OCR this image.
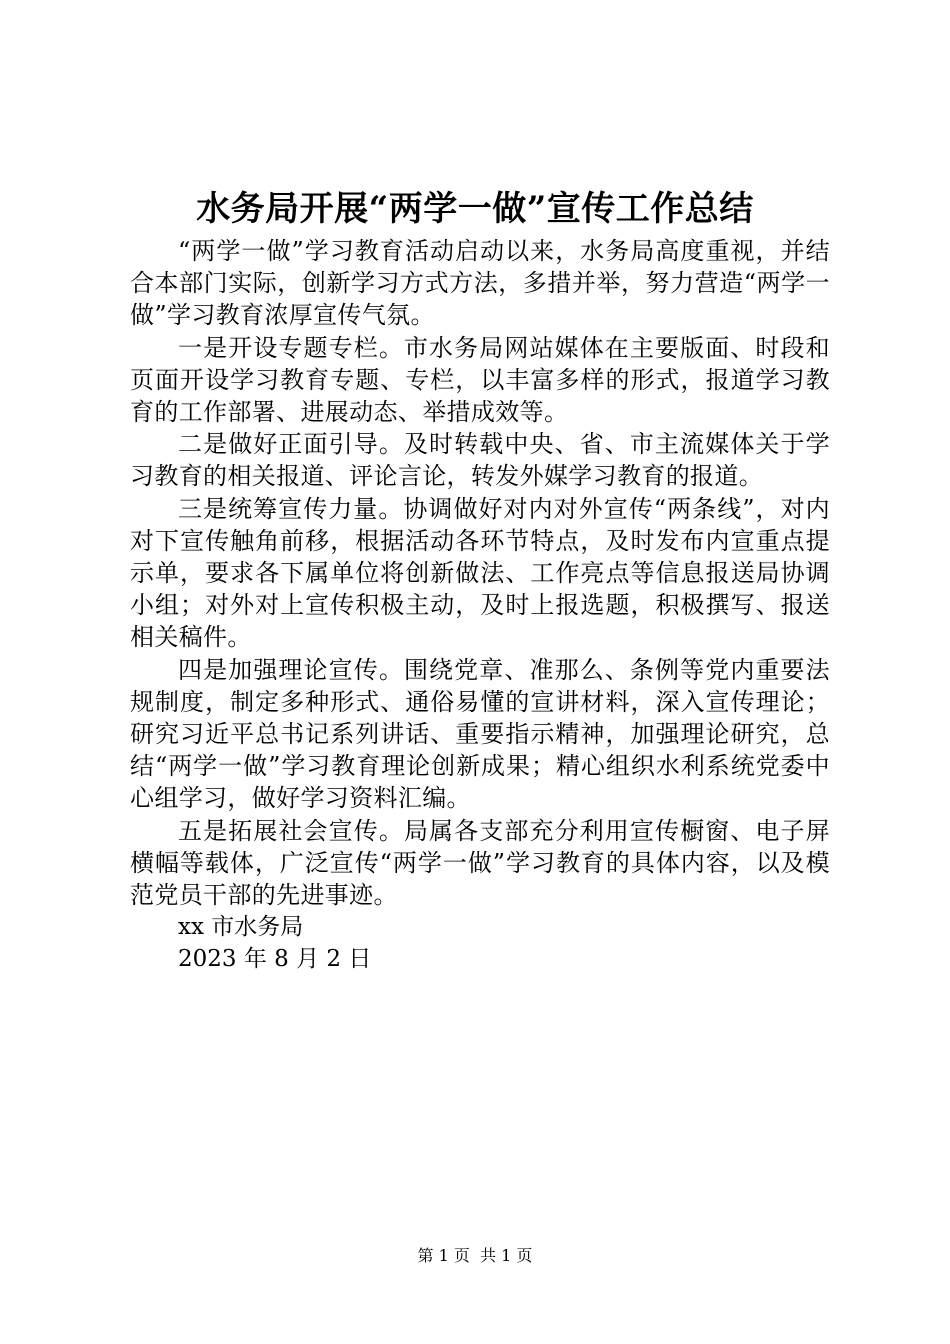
水务局开展“两学一做”宣传工作总结

“两学一做”学习教育活动启动以来，水务局高度重视，并结合本部门实际，创新学习方式方法，多措并举，努力营造“两学一做”学习教育浓厚宣传气氛。

一是开设专题专栏。市水务局网站媒体在主要版面、时段和页面开设学习教育专题、专栏，以丰富多样的形式，报道学习教育的工作部署、进展动态、举措成效等。

二是做好正面引导。及时转载中央、省、市主流媒体关于学习教育的相关报道、评论言论，转发外媒学习教育的报道。

三是统筹宣传力量。协调做好对内对外宣传“两条线”，对内对下宣传触角前移，根据活动各环节特点，及时发布内宣重点提示单，要求各下属单位将创新做法、工作亮点等信息报送局协调小组；对外对上宣传积极主动，及时上报选题，积极撰写、报送相关稿件。

四是加强理论宣传。围绕党章、准那么、条例等党内重要法规制度，制定多种形式、通俗易懂的宣讲材料，深入宣传理论；研究习近平总书记系列讲话、重要指示精神，加强理论研究，总结“两学一做”学习教育理论创新成果；精心组织水利系统党委中心组学习，做好学习资料汇编。

五是拓展社会宣传。局属各支部充分利用宣传橱窗、电子屏横幅等载体，广泛宣传“两学一做”学习教育的具体内容，以及模范党员干部的先进事迹。

xx 市水务局

2023 年 8 月 2 日

第 1 页  共 1 页
